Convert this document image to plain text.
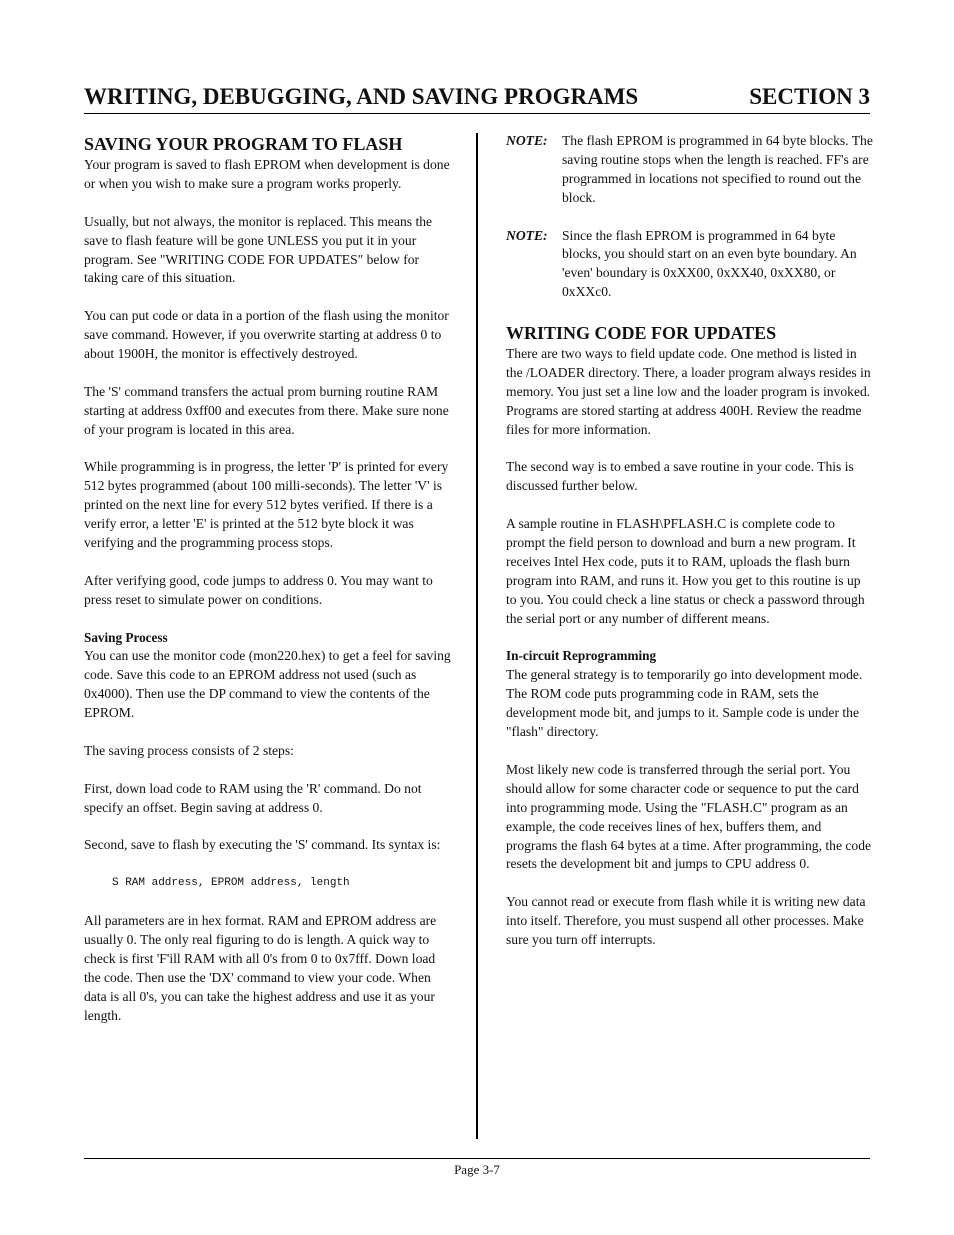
WRITING, DEBUGGING, AND SAVING PROGRAMS	SECTION 3
SAVING YOUR PROGRAM TO FLASH

Your program is saved to flash EPROM when development is done or when you wish to make sure a program works properly.

Usually, but not always, the monitor is replaced. This means the save to flash feature will be gone UNLESS you put it in your program. See "WRITING CODE FOR UPDATES" below for taking care of this situation.

You can put code or data in a portion of the flash using the monitor save command. However, if you overwrite starting at address 0 to about 1900H, the monitor is effectively destroyed.

The 'S' command transfers the actual prom burning routine RAM starting at address 0xff00 and executes from there. Make sure none of your program is located in this area.

While programming is in progress, the letter 'P' is printed for every 512 bytes programmed (about 100 milli-seconds). The letter 'V' is printed on the next line for every 512 bytes verified. If there is a verify error, a letter 'E' is printed at the 512 byte block it was verifying and the programming process stops.

After verifying good, code jumps to address 0. You may want to press reset to simulate power on conditions.

Saving Process

You can use the monitor code (mon220.hex) to get a feel for saving code. Save this code to an EPROM address not used (such as 0x4000). Then use the DP command to view the contents of the EPROM.

The saving process consists of 2 steps:

First, down load code to RAM using the 'R' command. Do not specify an offset. Begin saving at address 0.

Second, save to flash by executing the 'S' command. Its syntax is:

S RAM address, EPROM address, length

All parameters are in hex format. RAM and EPROM address are usually 0. The only real figuring to do is length. A quick way to check is first 'F'ill RAM with all 0's from 0 to 0x7fff. Down load the code. Then use the 'DX' command to view your code. When data is all 0's, you can take the highest address and use it as your length.

NOTE:	The flash EPROM is programmed in 64 byte blocks. The saving routine stops when the length is reached. FF's are programmed in locations not specified to round out the block.
NOTE:	Since the flash EPROM is programmed in 64 byte blocks, you should start on an even byte boundary. An 'even' boundary is 0xXX00, 0xXX40, 0xXX80, or 0xXXc0.
WRITING CODE FOR UPDATES

There are two ways to field update code. One method is listed in the /LOADER directory. There, a loader program always resides in memory. You just set a line low and the loader program is invoked. Programs are stored starting at address 400H. Review the readme files for more information.

The second way is to embed a save routine in your code. This is discussed further below.

A sample routine in FLASH\PFLASH.C is complete code to prompt the field person to download and burn a new program. It receives Intel Hex code, puts it to RAM, uploads the flash burn program into RAM, and runs it. How you get to this routine is up to you. You could check a line status or check a password through the serial port or any number of different means.

In-circuit Reprogramming

The general strategy is to temporarily go into development mode. The ROM code puts programming code in RAM, sets the development mode bit, and jumps to it. Sample code is under the "flash" directory.

Most likely new code is transferred through the serial port. You should allow for some character code or sequence to put the card into programming mode. Using the "FLASH.C" program as an example, the code receives lines of hex, buffers them, and programs the flash 64 bytes at a time. After programming, the code resets the development bit and jumps to CPU address 0.

You cannot read or execute from flash while it is writing new data into itself. Therefore, you must suspend all other processes. Make sure you turn off interrupts.

Page 3-7
